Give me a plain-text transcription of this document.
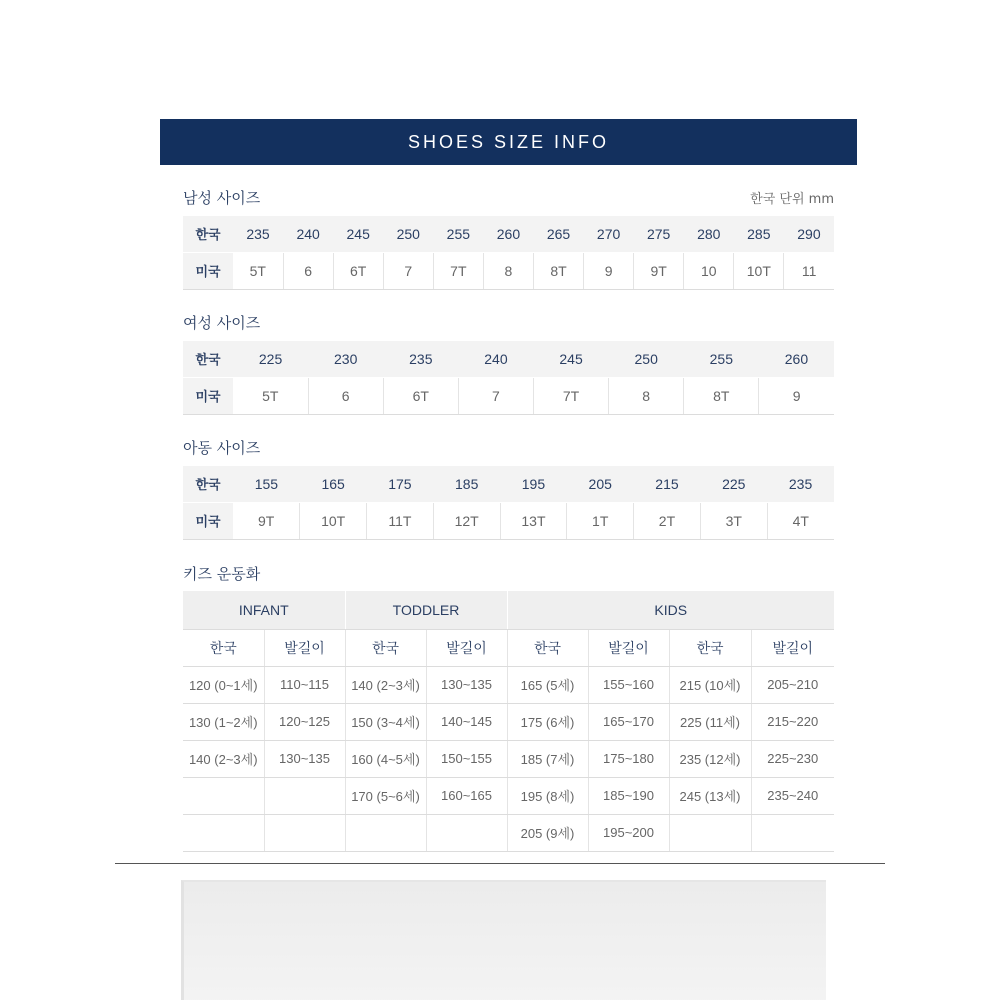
SHOES SIZE INFO
남성 사이즈	한국 단위 mm
한국	235	240	245	250	255	260	265	270	275	280	285	290
미국	5T	6	6T	7	7T	8	8T	9	9T	10	10T	11
여성 사이즈
한국	225	230	235	240	245	250	255	260
미국	5T	6	6T	7	7T	8	8T	9
아동 사이즈
한국	155	165	175	185	195	205	215	225	235
미국	9T	10T	11T	12T	13T	1T	2T	3T	4T
키즈 운동화
INFANT		TODDLER		KIDS			
한국	발길이	한국	발길이	한국	발길이	한국	발길이
120 (0~1세)	110~115	140 (2~3세)	130~135	165 (5세)	155~160	215 (10세)	205~210
130 (1~2세)	120~125	150 (3~4세)	140~145	175 (6세)	165~170	225 (11세)	215~220
140 (2~3세)	130~135	160 (4~5세)	150~155	185 (7세)	175~180	235 (12세)	225~230
		170 (5~6세)	160~165	195 (8세)	185~190	245 (13세)	235~240
				205 (9세)	195~200		
